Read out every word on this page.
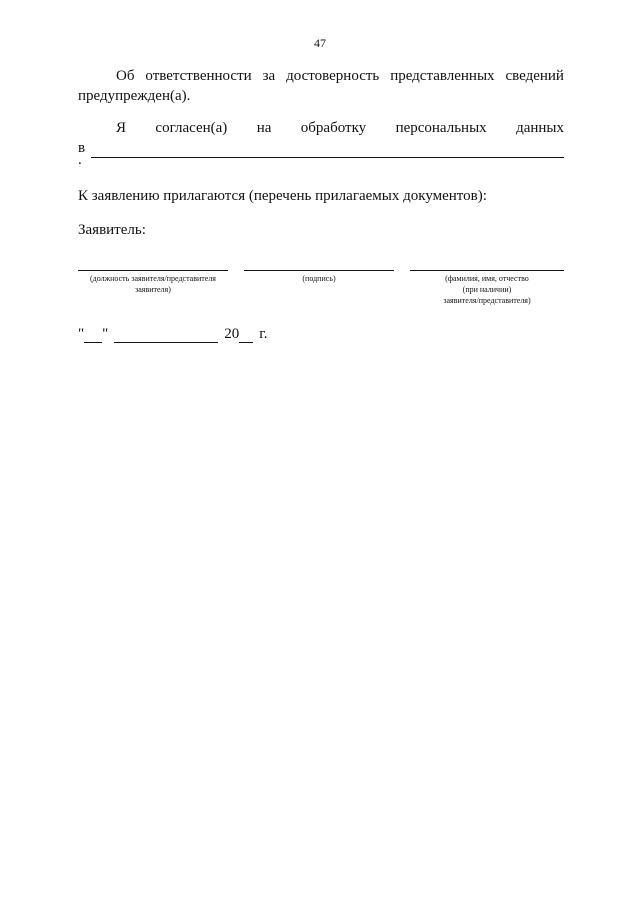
47
Об ответственности за достоверность представленных сведений
предупрежден(а).
Я согласен(а) на обработку персональных данных
в
.
К заявлению прилагаются (перечень прилагаемых документов):
Заявитель:
(должность заявителя/представителя
заявителя)
(подпись)	(фамилия, имя, отчество
(при наличии)
заявителя/представителя)
" "	20 г.
